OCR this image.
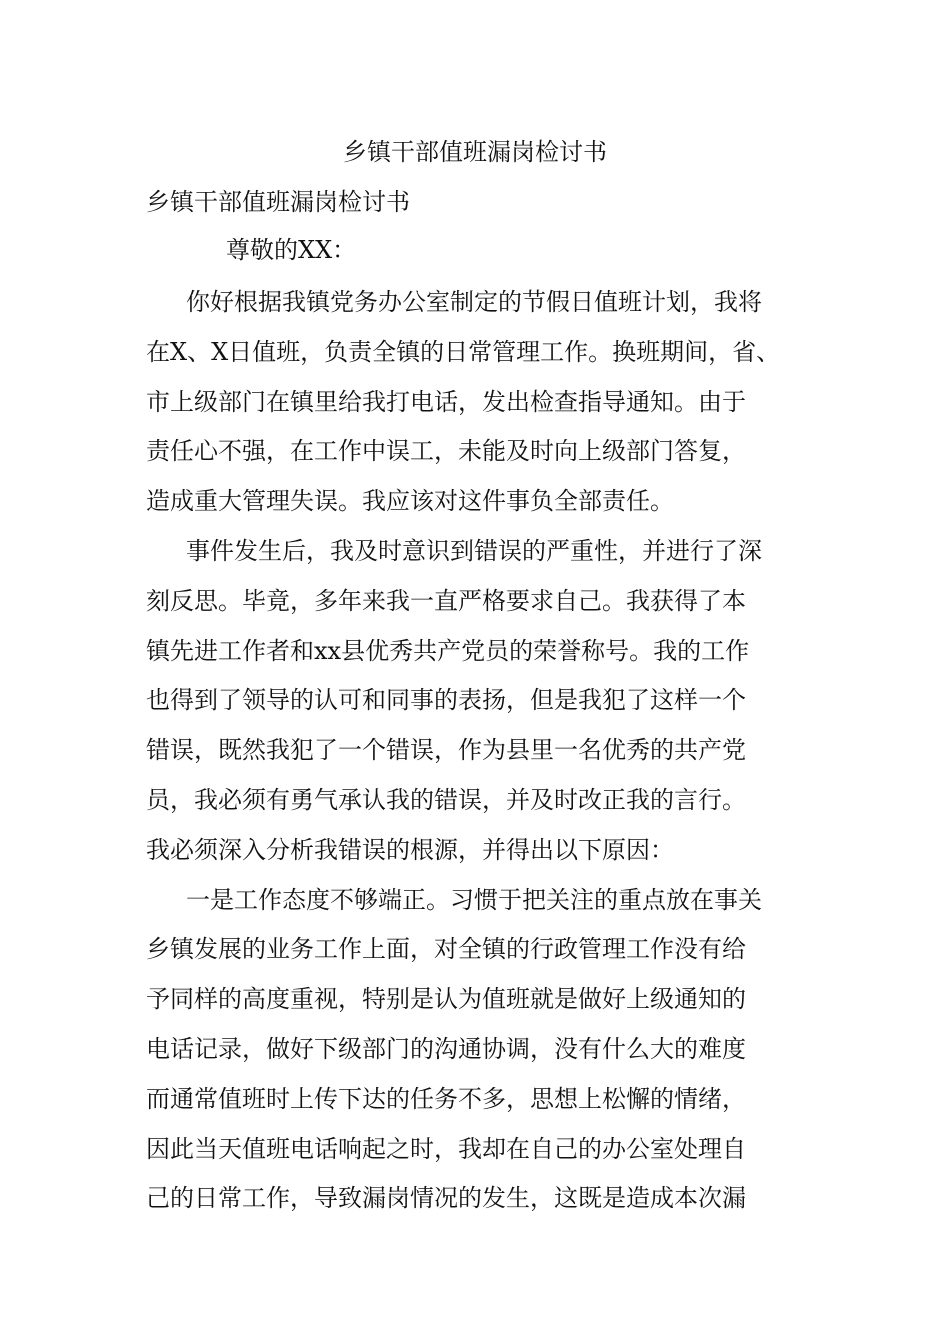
乡镇干部值班漏岗检讨书
乡镇干部值班漏岗检讨书
尊敬的XX：
你好根据我镇党务办公室制定的节假日值班计划，我将
在X、X日值班，负责全镇的日常管理工作。换班期间，省、
市上级部门在镇里给我打电话，发出检查指导通知。由于
责任心不强，在工作中误工，未能及时向上级部门答复，
造成重大管理失误。我应该对这件事负全部责任。
事件发生后，我及时意识到错误的严重性，并进行了深
刻反思。毕竟，多年来我一直严格要求自己。我获得了本
镇先进工作者和xx县优秀共产党员的荣誉称号。我的工作
也得到了领导的认可和同事的表扬，但是我犯了这样一个
错误，既然我犯了一个错误，作为县里一名优秀的共产党
员，我必须有勇气承认我的错误，并及时改正我的言行。
我必须深入分析我错误的根源，并得出以下原因：
一是工作态度不够端正。习惯于把关注的重点放在事关
乡镇发展的业务工作上面，对全镇的行政管理工作没有给
予同样的高度重视，特别是认为值班就是做好上级通知的
电话记录，做好下级部门的沟通协调，没有什么大的难度
而通常值班时上传下达的任务不多，思想上松懈的情绪，
因此当天值班电话响起之时，我却在自己的办公室处理自
己的日常工作，导致漏岗情况的发生，这既是造成本次漏
